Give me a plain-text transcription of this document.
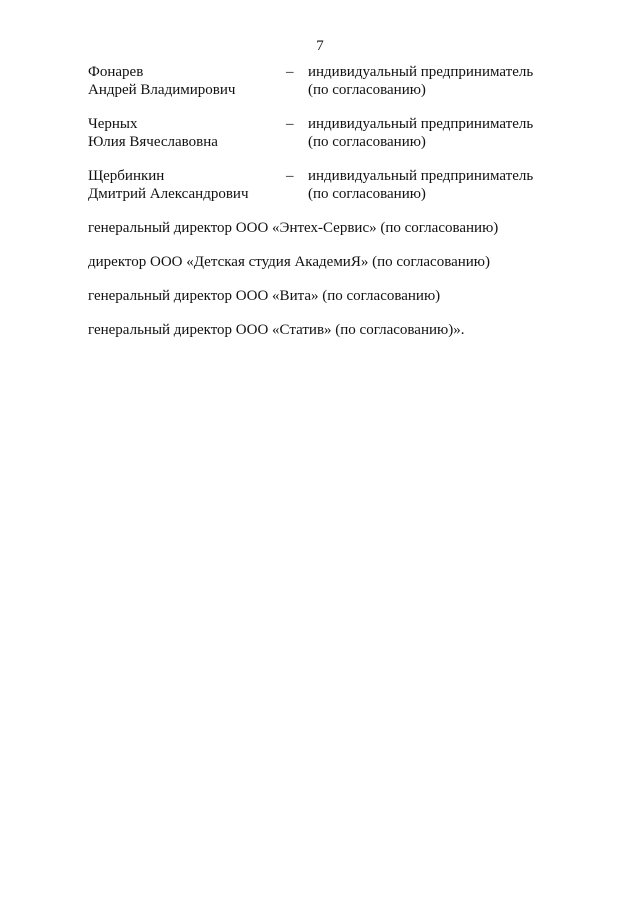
7
Фонарев
Андрей Владимирович
– индивидуальный предприниматель
(по согласованию)
Черных
Юлия Вячеславовна
– индивидуальный предприниматель
(по согласованию)
Щербинкин
Дмитрий Александрович
– индивидуальный предприниматель
(по согласованию)
генеральный директор ООО «Энтех-Сервис» (по согласованию)
директор ООО «Детская студия АкадемиЯ» (по согласованию)
генеральный директор ООО «Вита» (по согласованию)
генеральный директор ООО «Статив» (по согласованию)».
